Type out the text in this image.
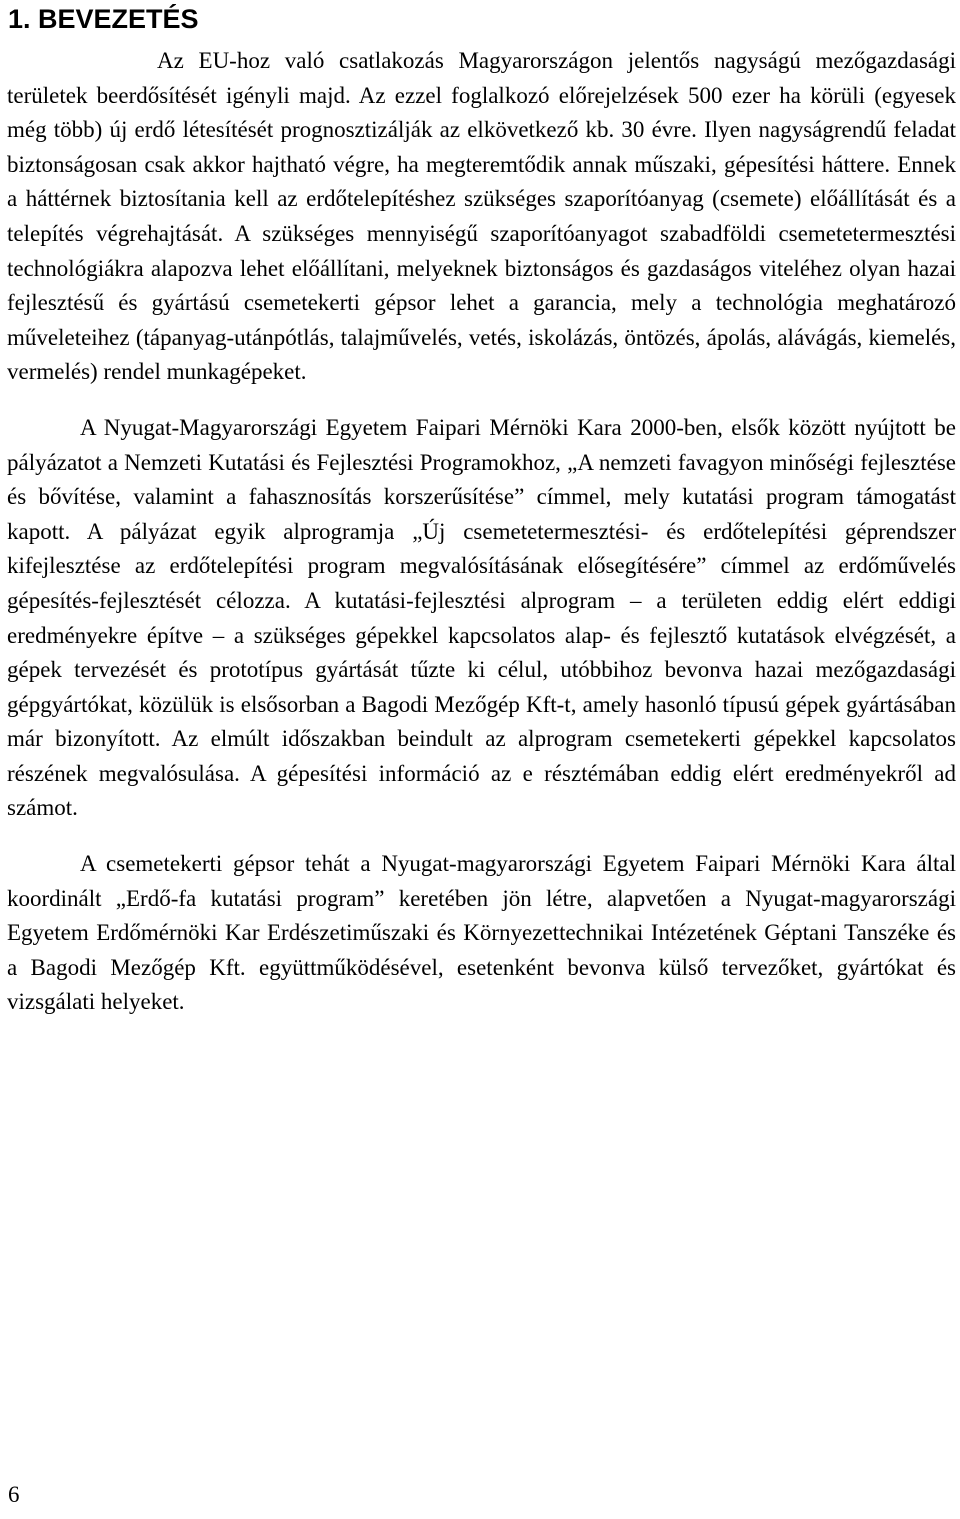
1. BEVEZETÉS

Az EU-hoz való csatlakozás Magyarországon jelentős nagyságú mezőgazdasági területek beerdősítését igényli majd. Az ezzel foglalkozó előrejelzések 500 ezer ha körüli (egyesek még több) új erdő létesítését prognosztizálják az elkövetkező kb. 30 évre. Ilyen nagyságrendű feladat biztonságosan csak akkor hajtható végre, ha megteremtődik annak műszaki, gépesítési háttere. Ennek a háttérnek biztosítania kell az erdőtelepítéshez szükséges szaporítóanyag (csemete) előállítását és a telepítés végrehajtását. A szükséges mennyiségű szaporítóanyagot szabadföldi csemetetermesztési technológiákra alapozva lehet előállítani, melyeknek biztonságos és gazdaságos viteléhez olyan hazai fejlesztésű és gyártású csemetekerti gépsor lehet a garancia, mely a technológia meghatározó műveleteihez (tápanyag-utánpótlás, talajművelés, vetés, iskolázás, öntözés, ápolás, alávágás, kiemelés, vermelés) rendel munkagépeket.

A Nyugat-Magyarországi Egyetem Faipari Mérnöki Kara 2000-ben, elsők között nyújtott be pályázatot a Nemzeti Kutatási és Fejlesztési Programokhoz, „A nemzeti favagyon minőségi fejlesztése és bővítése, valamint a fahasznosítás korszerűsítése” címmel, mely kutatási program támogatást kapott. A pályázat egyik alprogramja „Új csemetetermesztési- és erdőtelepítési géprendszer kifejlesztése az erdőtelepítési program megvalósításának elősegítésére” címmel az erdőművelés gépesítés-fejlesztését célozza. A kutatási-fejlesztési alprogram – a területen eddig elért eddigi eredményekre építve – a szükséges gépekkel kapcsolatos alap- és fejlesztő kutatások elvégzését, a gépek tervezését és prototípus gyártását tűzte ki célul, utóbbihoz bevonva hazai mezőgazdasági gépgyártókat, közülük is elsősorban a Bagodi Mezőgép Kft-t, amely hasonló típusú gépek gyártásában már bizonyított. Az elmúlt időszakban beindult az alprogram csemetekerti gépekkel kapcsolatos részének megvalósulása. A gépesítési információ az e résztémában eddig elért eredményekről ad számot.

A csemetekerti gépsor tehát a Nyugat-magyarországi Egyetem Faipari Mérnöki Kara által koordinált „Erdő-fa kutatási program” keretében jön létre, alapvetően a Nyugat-magyarországi Egyetem Erdőmérnöki Kar Erdészetiműszaki és Környezettechnikai Intézetének Géptani Tanszéke és a Bagodi Mezőgép Kft. együttműködésével, esetenként bevonva külső tervezőket, gyártókat és vizsgálati helyeket.

6
